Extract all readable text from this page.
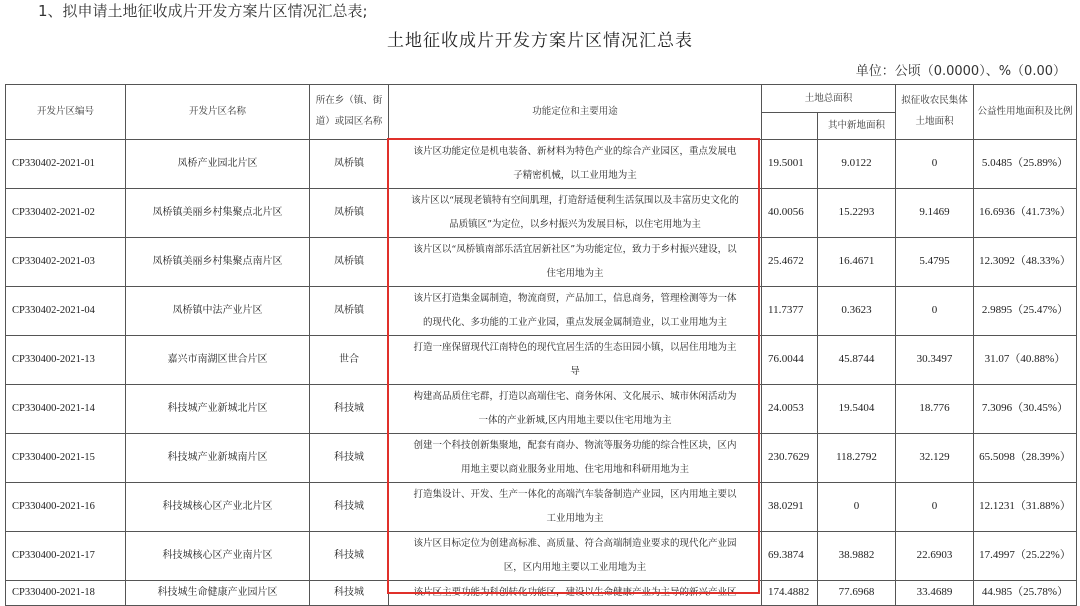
1、拟申请土地征收成片开发方案片区情况汇总表;
土地征收成片开发方案片区情况汇总表
单位：公顷（0.0000）、%（0.00）
开发片区编号	开发片区名称	所在乡（镇、街道）或园区名称	功能定位和主要用途	土地总面积		拟征收农民集体土地面积	公益性用地面积及比例
					其中新地面积		
CP330402-2021-01	凤桥产业园北片区	凤桥镇	该片区功能定位是机电装备、新材料为特色产业的综合产业园区，重点发展电
子精密机械，以工业用地为主	19.5001	9.0122	0	5.0485（25.89%）
CP330402-2021-02	凤桥镇美丽乡村集聚点北片区	凤桥镇	该片区以“展现老镇特有空间肌理，打造舒适便利生活氛围以及丰富历史文化的
品质镇区”为定位，以乡村振兴为发展目标，以住宅用地为主	40.0056	15.2293	9.1469	16.6936（41.73%）
CP330402-2021-03	凤桥镇美丽乡村集聚点南片区	凤桥镇	该片区以“凤桥镇南部乐活宜居新社区”为功能定位，致力于乡村振兴建设，以
住宅用地为主	25.4672	16.4671	5.4795	12.3092（48.33%）
CP330402-2021-04	凤桥镇中法产业片区	凤桥镇	该片区打造集金属制造，物流商贸，产品加工，信息商务，管理检测等为一体
的现代化、多功能的工业产业园，重点发展金属制造业，以工业用地为主	11.7377	0.3623	0	2.9895（25.47%）
CP330400-2021-13	嘉兴市南湖区世合片区	世合	打造一座保留现代江南特色的现代宜居生活的生态田园小镇，以居住用地为主
导	76.0044	45.8744	30.3497	31.07（40.88%）
CP330400-2021-14	科技城产业新城北片区	科技城	构建高品质住宅群，打造以高端住宅、商务休闲、文化展示、城市休闲活动为
一体的产业新城,区内用地主要以住宅用地为主	24.0053	19.5404	18.776	7.3096（30.45%）
CP330400-2021-15	科技城产业新城南片区	科技城	创建一个科技创新集聚地，配套有商办、物流等服务功能的综合性区块，区内
用地主要以商业服务业用地、住宅用地和科研用地为主	230.7629	118.2792	32.129	65.5098（28.39%）
CP330400-2021-16	科技城核心区产业北片区	科技城	打造集设计、开发、生产一体化的高端汽车装备制造产业园，区内用地主要以
工业用地为主	38.0291	0	0	12.1231（31.88%）
CP330400-2021-17	科技城核心区产业南片区	科技城	该片区目标定位为创建高标准、高质量、符合高端制造业要求的现代化产业园
区，区内用地主要以工业用地为主	69.3874	38.9882	22.6903	17.4997（25.22%）
CP330400-2021-18	科技城生命健康产业园片区	科技城	该片区主要功能为科创转化功能区，建设以生命健康产业为主导的新兴产业区	174.4882	77.6968	33.4689	44.985（25.78%）
